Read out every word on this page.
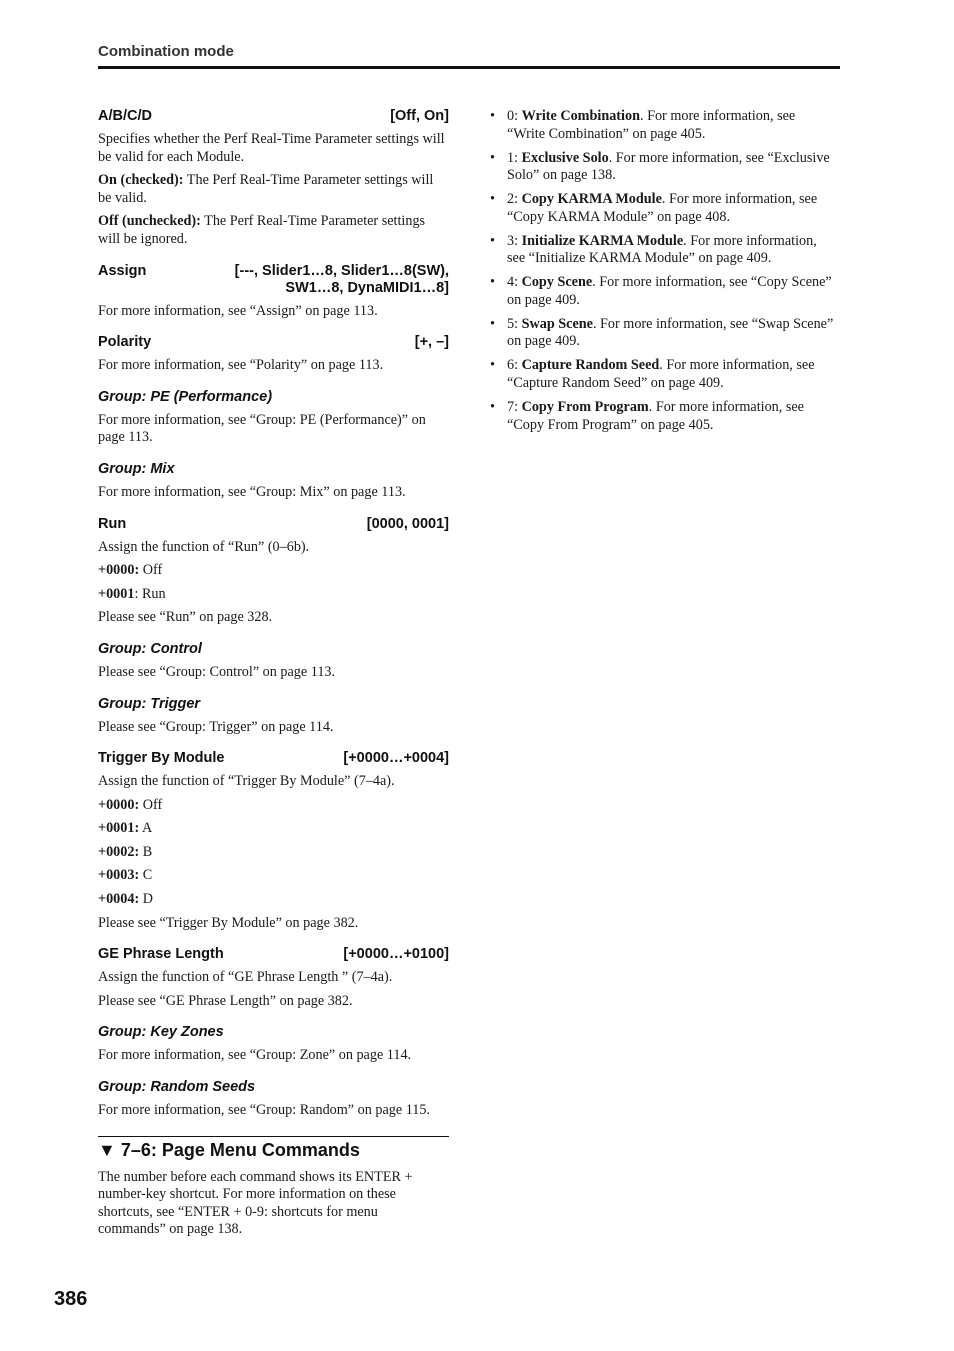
Combination mode
A/B/C/D	[Off, On]

Specifies whether the Perf Real-Time Parameter settings will be valid for each Module.

On (checked): The Perf Real-Time Parameter settings will be valid.

Off (unchecked): The Perf Real-Time Parameter settings will be ignored.

Assign	[---, Slider1…8, Slider1…8(SW),
SW1…8, DynaMIDI1…8]

For more information, see “Assign” on page 113.

Polarity	[+, –]

For more information, see “Polarity” on page 113.

Group: PE (Performance)

For more information, see “Group: PE (Performance)” on page 113.

Group: Mix

For more information, see “Group: Mix” on page 113.

Run	[0000, 0001]

Assign the function of “Run” (0–6b).

+0000: Off

+0001: Run

Please see “Run” on page 328.

Group: Control

Please see “Group: Control” on page 113.

Group: Trigger

Please see “Group: Trigger” on page 114.

Trigger By Module	[+0000…+0004]

Assign the function of “Trigger By Module” (7–4a).

+0000: Off

+0001: A

+0002: B

+0003: C

+0004: D

Please see “Trigger By Module” on page 382.

GE Phrase Length	[+0000…+0100]

Assign the function of “GE Phrase Length ” (7–4a).

Please see “GE Phrase Length” on page 382.

Group: Key Zones

For more information, see “Group: Zone” on page 114.

Group: Random Seeds

For more information, see “Group: Random” on page 115.

▼ 7–6: Page Menu Commands

The number before each command shows its ENTER + number-key shortcut. For more information on these shortcuts, see “ENTER + 0-9: shortcuts for menu commands” on page 138.

• 0: Write Combination. For more information, see “Write Combination” on page 405.
• 1: Exclusive Solo. For more information, see “Exclusive Solo” on page 138.
• 2: Copy KARMA Module. For more information, see “Copy KARMA Module” on page 408.
• 3: Initialize KARMA Module. For more information, see “Initialize KARMA Module” on page 409.
• 4: Copy Scene. For more information, see “Copy Scene” on page 409.
• 5: Swap Scene. For more information, see “Swap Scene” on page 409.
• 6: Capture Random Seed. For more information, see “Capture Random Seed” on page 409.
• 7: Copy From Program. For more information, see “Copy From Program” on page 405.
386
